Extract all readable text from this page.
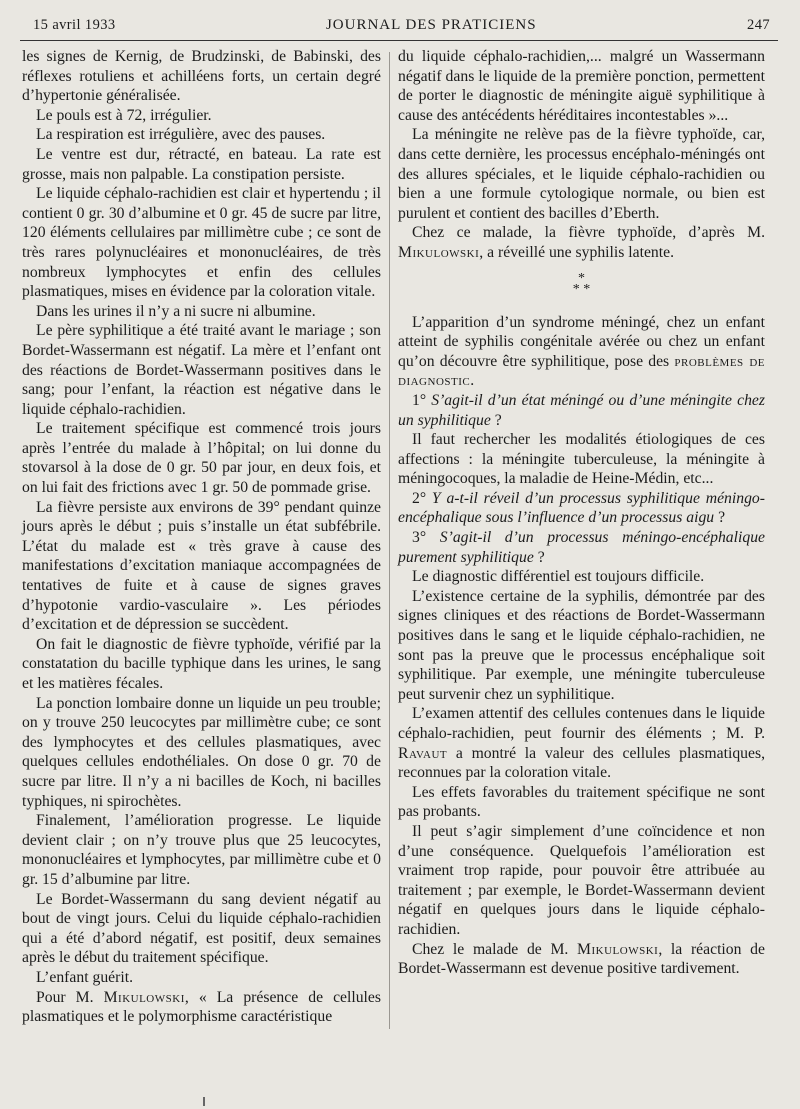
15 avril 1933	JOURNAL DES PRATICIENS	247

les signes de Kernig, de Brudzinski, de Babinski, des réflexes rotuliens et achilléens forts, un certain degré d’hypertonie généralisée.

Le pouls est à 72, irrégulier.

La respiration est irrégulière, avec des pauses.

Le ventre est dur, rétracté, en bateau. La rate est grosse, mais non palpable. La constipation persiste.

Le liquide céphalo-rachidien est clair et hypertendu ; il contient 0 gr. 30 d’albumine et 0 gr. 45 de sucre par litre, 120 éléments cellulaires par millimètre cube ; ce sont de très rares polynucléaires et mononucléaires, de très nombreux lymphocytes et enfin des cellules plasmatiques, mises en évidence par la coloration vitale.

Dans les urines il n’y a ni sucre ni albumine.

Le père syphilitique a été traité avant le mariage ; son Bordet-Wassermann est négatif. La mère et l’enfant ont des réactions de Bordet-Wassermann positives dans le sang; pour l’enfant, la réaction est négative dans le liquide céphalo-rachidien.

Le traitement spécifique est commencé trois jours après l’entrée du malade à l’hôpital; on lui donne du stovarsol à la dose de 0 gr. 50 par jour, en deux fois, et on lui fait des frictions avec 1 gr. 50 de pommade grise.

La fièvre persiste aux environs de 39° pendant quinze jours après le début ; puis s’installe un état subfébrile. L’état du malade est « très grave à cause des manifestations d’excitation maniaque accompagnées de tentatives de fuite et à cause de signes graves d’hypotonie vardio-vasculaire ». Les périodes d’excitation et de dépression se succèdent.

On fait le diagnostic de fièvre typhoïde, vérifié par la constatation du bacille typhique dans les urines, le sang et les matières fécales.

La ponction lombaire donne un liquide un peu trouble; on y trouve 250 leucocytes par millimètre cube; ce sont des lymphocytes et des cellules plasmatiques, avec quelques cellules endothéliales. On dose 0 gr. 70 de sucre par litre. Il n’y a ni bacilles de Koch, ni bacilles typhiques, ni spirochètes.

Finalement, l’amélioration progresse. Le liquide devient clair ; on n’y trouve plus que 25 leucocytes, mononucléaires et lymphocytes, par millimètre cube et 0 gr. 15 d’albumine par litre.

Le Bordet-Wassermann du sang devient négatif au bout de vingt jours. Celui du liquide céphalo-rachidien qui a été d’abord négatif, est positif, deux semaines après le début du traitement spécifique.

L’enfant guérit.

Pour M. Mikulowski, « La présence de cellules plasmatiques et le polymorphisme caractéristique

du liquide céphalo-rachidien,... malgré un Wassermann négatif dans le liquide de la première ponction, permettent de porter le diagnostic de méningite aiguë syphilitique à cause des antécédents héréditaires incontestables »...

La méningite ne relève pas de la fièvre typhoïde, car, dans cette dernière, les processus encéphalo-méningés ont des allures spéciales, et le liquide céphalo-rachidien ou bien a une formule cytologique normale, ou bien est purulent et contient des bacilles d’Eberth.

Chez ce malade, la fièvre typhoïde, d’après M. Mikulowski, a réveillé une syphilis latente.

*
* *

L’apparition d’un syndrome méningé, chez un enfant atteint de syphilis congénitale avérée ou chez un enfant qu’on découvre être syphilitique, pose des problèmes de diagnostic.

1° S’agit-il d’un état méningé ou d’une méningite chez un syphilitique ?

Il faut rechercher les modalités étiologiques de ces affections : la méningite tuberculeuse, la méningite à méningocoques, la maladie de Heine-Médin, etc...

2° Y a-t-il réveil d’un processus syphilitique méningo-encéphalique sous l’influence d’un processus aigu ?

3° S’agit-il d’un processus méningo-encéphalique purement syphilitique ?

Le diagnostic différentiel est toujours difficile.

L’existence certaine de la syphilis, démontrée par des signes cliniques et des réactions de Bordet-Wassermann positives dans le sang et le liquide céphalo-rachidien, ne sont pas la preuve que le processus encéphalique soit syphilitique. Par exemple, une méningite tuberculeuse peut survenir chez un syphilitique.

L’examen attentif des cellules contenues dans le liquide céphalo-rachidien, peut fournir des éléments ; M. P. Ravaut a montré la valeur des cellules plasmatiques, reconnues par la coloration vitale.

Les effets favorables du traitement spécifique ne sont pas probants.

Il peut s’agir simplement d’une coïncidence et non d’une conséquence. Quelquefois l’amélioration est vraiment trop rapide, pour pouvoir être attribuée au traitement ; par exemple, le Bordet-Wassermann devient négatif en quelques jours dans le liquide céphalo-rachidien.

Chez le malade de M. Mikulowski, la réaction de Bordet-Wassermann est devenue positive tardivement.
